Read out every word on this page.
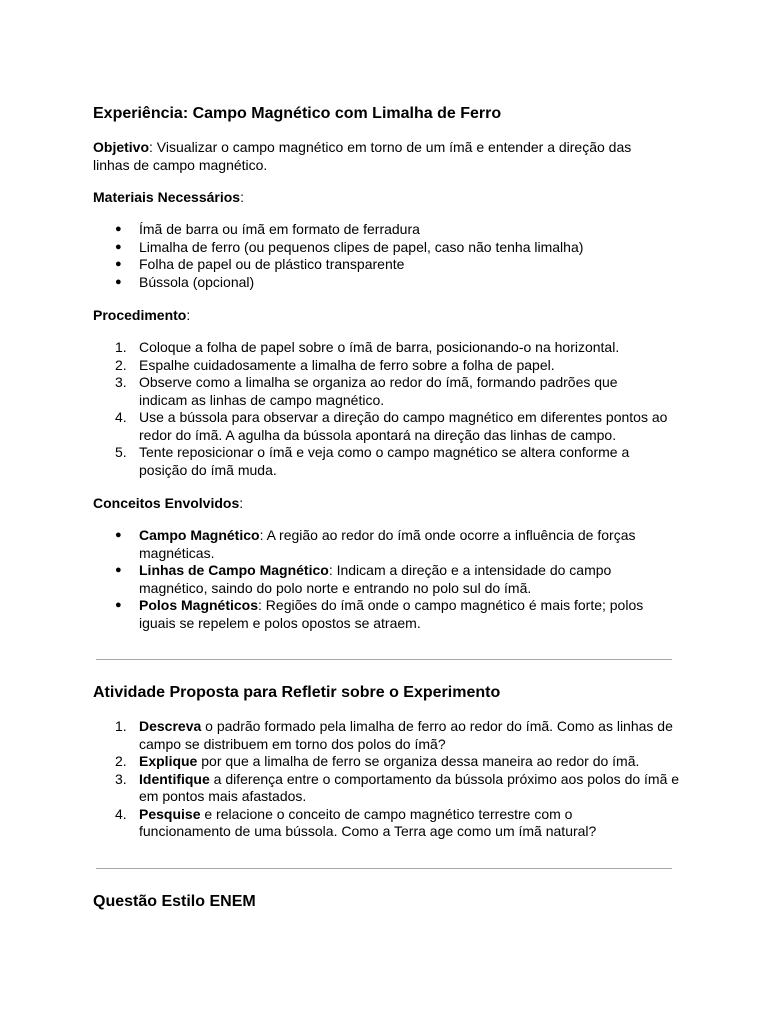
Experiência: Campo Magnético com Limalha de Ferro

Objetivo: Visualizar o campo magnético em torno de um ímã e entender a direção das linhas de campo magnético.

Materiais Necessários:
● Ímã de barra ou ímã em formato de ferradura
● Limalha de ferro (ou pequenos clipes de papel, caso não tenha limalha)
● Folha de papel ou de plástico transparente
● Bússola (opcional)
Procedimento:
1. Coloque a folha de papel sobre o ímã de barra, posicionando-o na horizontal.
2. Espalhe cuidadosamente a limalha de ferro sobre a folha de papel.
3. Observe como a limalha se organiza ao redor do ímã, formando padrões que indicam as linhas de campo magnético.
4. Use a bússola para observar a direção do campo magnético em diferentes pontos ao redor do ímã. A agulha da bússola apontará na direção das linhas de campo.
5. Tente reposicionar o ímã e veja como o campo magnético se altera conforme a posição do ímã muda.
Conceitos Envolvidos:
● Campo Magnético: A região ao redor do ímã onde ocorre a influência de forças magnéticas.
● Linhas de Campo Magnético: Indicam a direção e a intensidade do campo magnético, saindo do polo norte e entrando no polo sul do ímã.
● Polos Magnéticos: Regiões do ímã onde o campo magnético é mais forte; polos iguais se repelem e polos opostos se atraem.
Atividade Proposta para Refletir sobre o Experimento
1. Descreva o padrão formado pela limalha de ferro ao redor do ímã. Como as linhas de campo se distribuem em torno dos polos do ímã?
2. Explique por que a limalha de ferro se organiza dessa maneira ao redor do ímã.
3. Identifique a diferença entre o comportamento da bússola próximo aos polos do ímã e em pontos mais afastados.
4. Pesquise e relacione o conceito de campo magnético terrestre com o funcionamento de uma bússola. Como a Terra age como um ímã natural?
Questão Estilo ENEM
